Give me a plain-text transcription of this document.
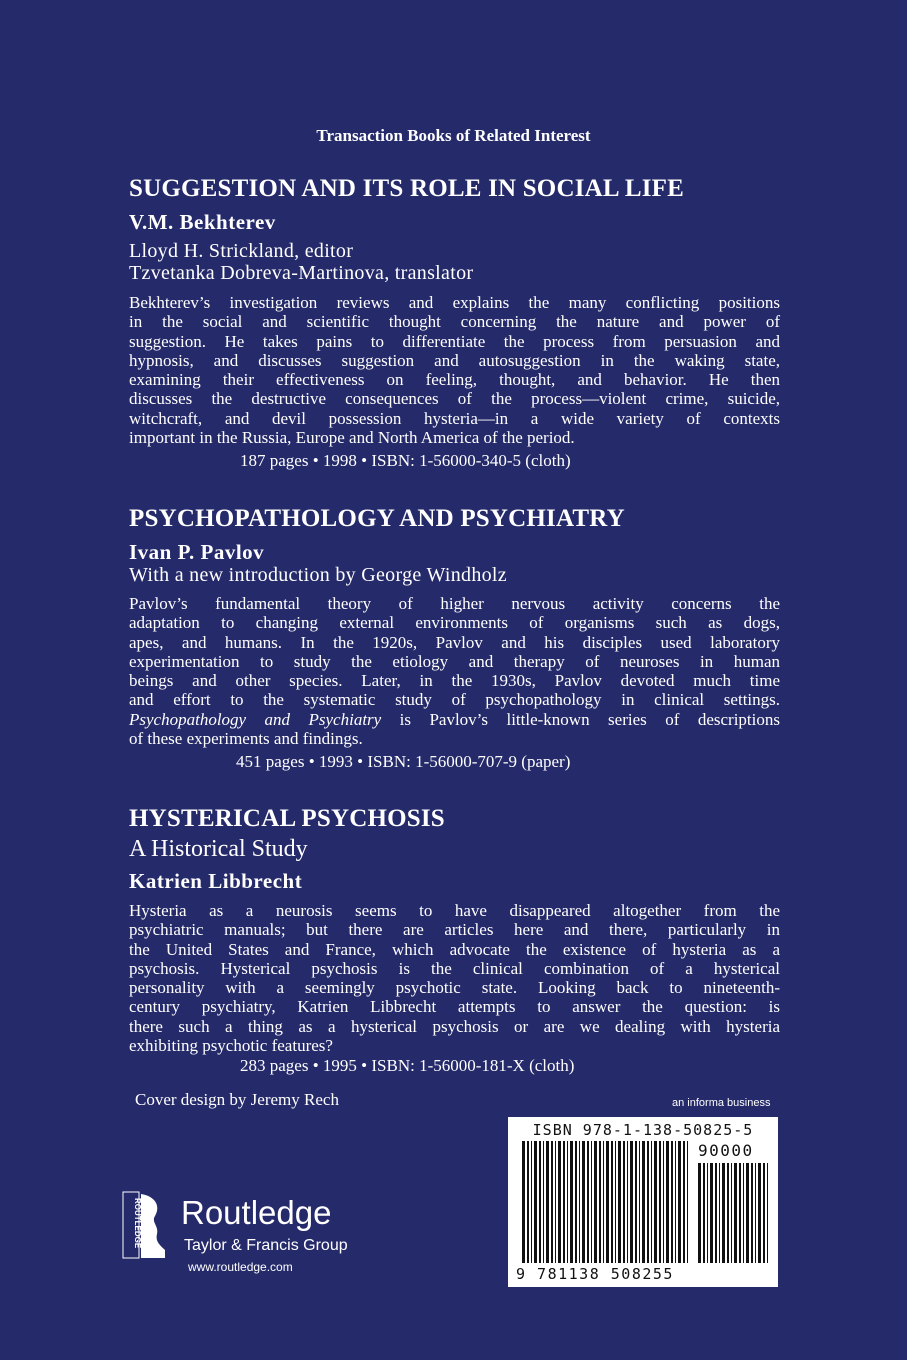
Transaction Books of Related Interest
SUGGESTION AND ITS ROLE IN SOCIAL LIFE
V.M. Bekhterev
Lloyd H. Strickland, editor
Tzvetanka Dobreva-Martinova, translator
Bekhterev’s investigation reviews and explains the many conflicting positions
in the social and scientific thought concerning the nature and power of
suggestion. He takes pains to differentiate the process from persuasion and
hypnosis, and discusses suggestion and autosuggestion in the waking state,
examining their effectiveness on feeling, thought, and behavior. He then
discusses the destructive consequences of the process—violent crime, suicide,
witchcraft, and devil possession hysteria—in a wide variety of contexts
important in the Russia, Europe and North America of the period.
187 pages • 1998 • ISBN: 1-56000-340-5 (cloth)
PSYCHOPATHOLOGY AND PSYCHIATRY
Ivan P. Pavlov
With a new introduction by George Windholz
Pavlov’s fundamental theory of higher nervous activity concerns the
adaptation to changing external environments of organisms such as dogs,
apes, and humans. In the 1920s, Pavlov and his disciples used laboratory
experimentation to study the etiology and therapy of neuroses in human
beings and other species. Later, in the 1930s, Pavlov devoted much time
and effort to the systematic study of psychopathology in clinical settings.
Psychopathology and Psychiatry is Pavlov’s little-known series of descriptions
of these experiments and findings.
451 pages • 1993 • ISBN: 1-56000-707-9 (paper)
HYSTERICAL PSYCHOSIS
A Historical Study
Katrien Libbrecht
Hysteria as a neurosis seems to have disappeared altogether from the
psychiatric manuals; but there are articles here and there, particularly in
the United States and France, which advocate the existence of hysteria as a
psychosis. Hysterical psychosis is the clinical combination of a hysterical
personality with a seemingly psychotic state. Looking back to nineteenth-
century psychiatry, Katrien Libbrecht attempts to answer the question: is
there such a thing as a hysterical psychosis or are we dealing with hysteria
exhibiting psychotic features?
283 pages • 1995 • ISBN: 1-56000-181-X (cloth)
Cover design by Jeremy Rech	an informa business
ISBN 978-1-138-50825-5
90000
9 781138 508255
ROUTLEDGE Routledge
Taylor & Francis Group
www.routledge.com
